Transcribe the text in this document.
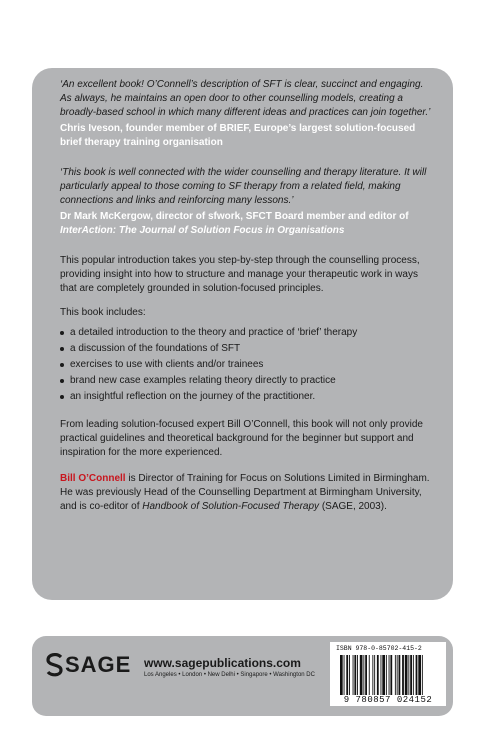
‘An excellent book! O’Connell’s description of SFT is clear, succinct and engaging. As always, he maintains an open door to other counselling models, creating a broadly-based school in which many different ideas and practices can join together.’

Chris Iveson, founder member of BRIEF, Europe’s largest solution-focused brief therapy training organisation

‘This book is well connected with the wider counselling and therapy literature. It will particularly appeal to those coming to SF therapy from a related field, making connections and links and reinforcing many lessons.’

Dr Mark McKergow, director of sfwork, SFCT Board member and editor of InterAction: The Journal of Solution Focus in Organisations

This popular introduction takes you step-by-step through the counselling process, providing insight into how to structure and manage your therapeutic work in ways that are completely grounded in solution-focused principles.

This book includes:

a detailed introduction to the theory and practice of ‘brief’ therapy
a discussion of the foundations of SFT
exercises to use with clients and/or trainees
brand new case examples relating theory directly to practice
an insightful reflection on the journey of the practitioner.

From leading solution-focused expert Bill O’Connell, this book will not only provide practical guidelines and theoretical background for the beginner but support and inspiration for the more experienced.

Bill O’Connell is Director of Training for Focus on Solutions Limited in Birmingham. He was previously Head of the Counselling Department at Birmingham University, and is co-editor of Handbook of Solution-Focused Therapy (SAGE, 2003).

SAGE www.sagepublications.com
Los Angeles • London • New Delhi • Singapore • Washington DC
ISBN 978-0-85702-415-2
9 780857 024152
